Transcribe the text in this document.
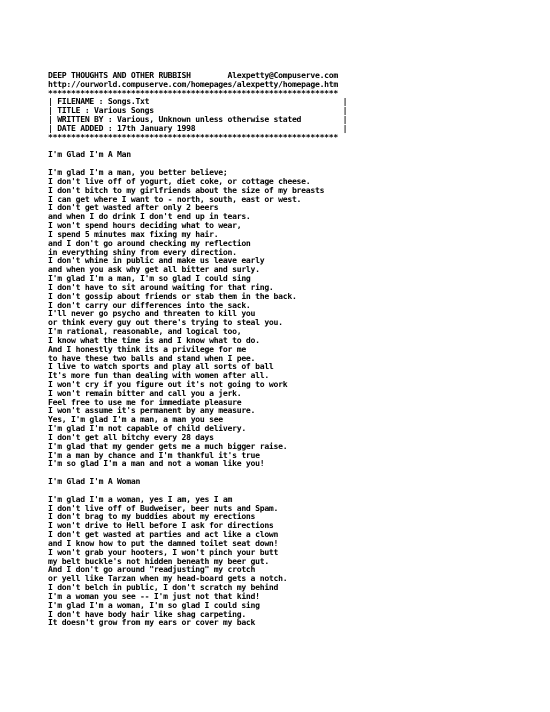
DEEP THOUGHTS AND OTHER RUBBISH        Alexpetty@Compuserve.com
http://ourworld.compuserve.com/homepages/alexpetty/homepage.htm
***************************************************************
| FILENAME : Songs.Txt                                          |
| TITLE : Various Songs                                         |
| WRITTEN BY : Various, Unknown unless otherwise stated         |
| DATE ADDED : 17th January 1998                                |
***************************************************************
I'm Glad I'm A Man
I'm glad I'm a man, you better believe;
I don't live off of yogurt, diet coke, or cottage cheese.
I don't bitch to my girlfriends about the size of my breasts
I can get where I want to - north, south, east or west.
I don't get wasted after only 2 beers
and when I do drink I don't end up in tears.
I won't spend hours deciding what to wear,
I spend 5 minutes max fixing my hair.
and I don't go around checking my reflection
in everything shiny from every direction.
I don't whine in public and make us leave early
and when you ask why get all bitter and surly.
I'm glad I'm a man, I'm so glad I could sing
I don't have to sit around waiting for that ring.
I don't gossip about friends or stab them in the back.
I don't carry our differences into the sack.
I'll never go psycho and threaten to kill you
or think every guy out there's trying to steal you.
I'm rational, reasonable, and logical too,
I know what the time is and I know what to do.
And I honestly think its a privilege for me
to have these two balls and stand when I pee.
I live to watch sports and play all sorts of ball
It's more fun than dealing with women after all.
I won't cry if you figure out it's not going to work
I won't remain bitter and call you a jerk.
Feel free to use me for immediate pleasure
I won't assume it's permanent by any measure.
Yes, I'm glad I'm a man, a man you see
I'm glad I'm not capable of child delivery.
I don't get all bitchy every 28 days
I'm glad that my gender gets me a much bigger raise.
I'm a man by chance and I'm thankful it's true
I'm so glad I'm a man and not a woman like you!
I'm Glad I'm A Woman
I'm glad I'm a woman, yes I am, yes I am
I don't live off of Budweiser, beer nuts and Spam.
I don't brag to my buddies about my erections
I won't drive to Hell before I ask for directions
I don't get wasted at parties and act like a clown
and I know how to put the damned toilet seat down!
I won't grab your hooters, I won't pinch your butt
my belt buckle's not hidden beneath my beer gut.
And I don't go around "readjusting" my crotch
or yell like Tarzan when my head-board gets a notch.
I don't belch in public, I don't scratch my behind
I'm a woman you see -- I'm just not that kind!
I'm glad I'm a woman, I'm so glad I could sing
I don't have body hair like shag carpeting.
It doesn't grow from my ears or cover my back
